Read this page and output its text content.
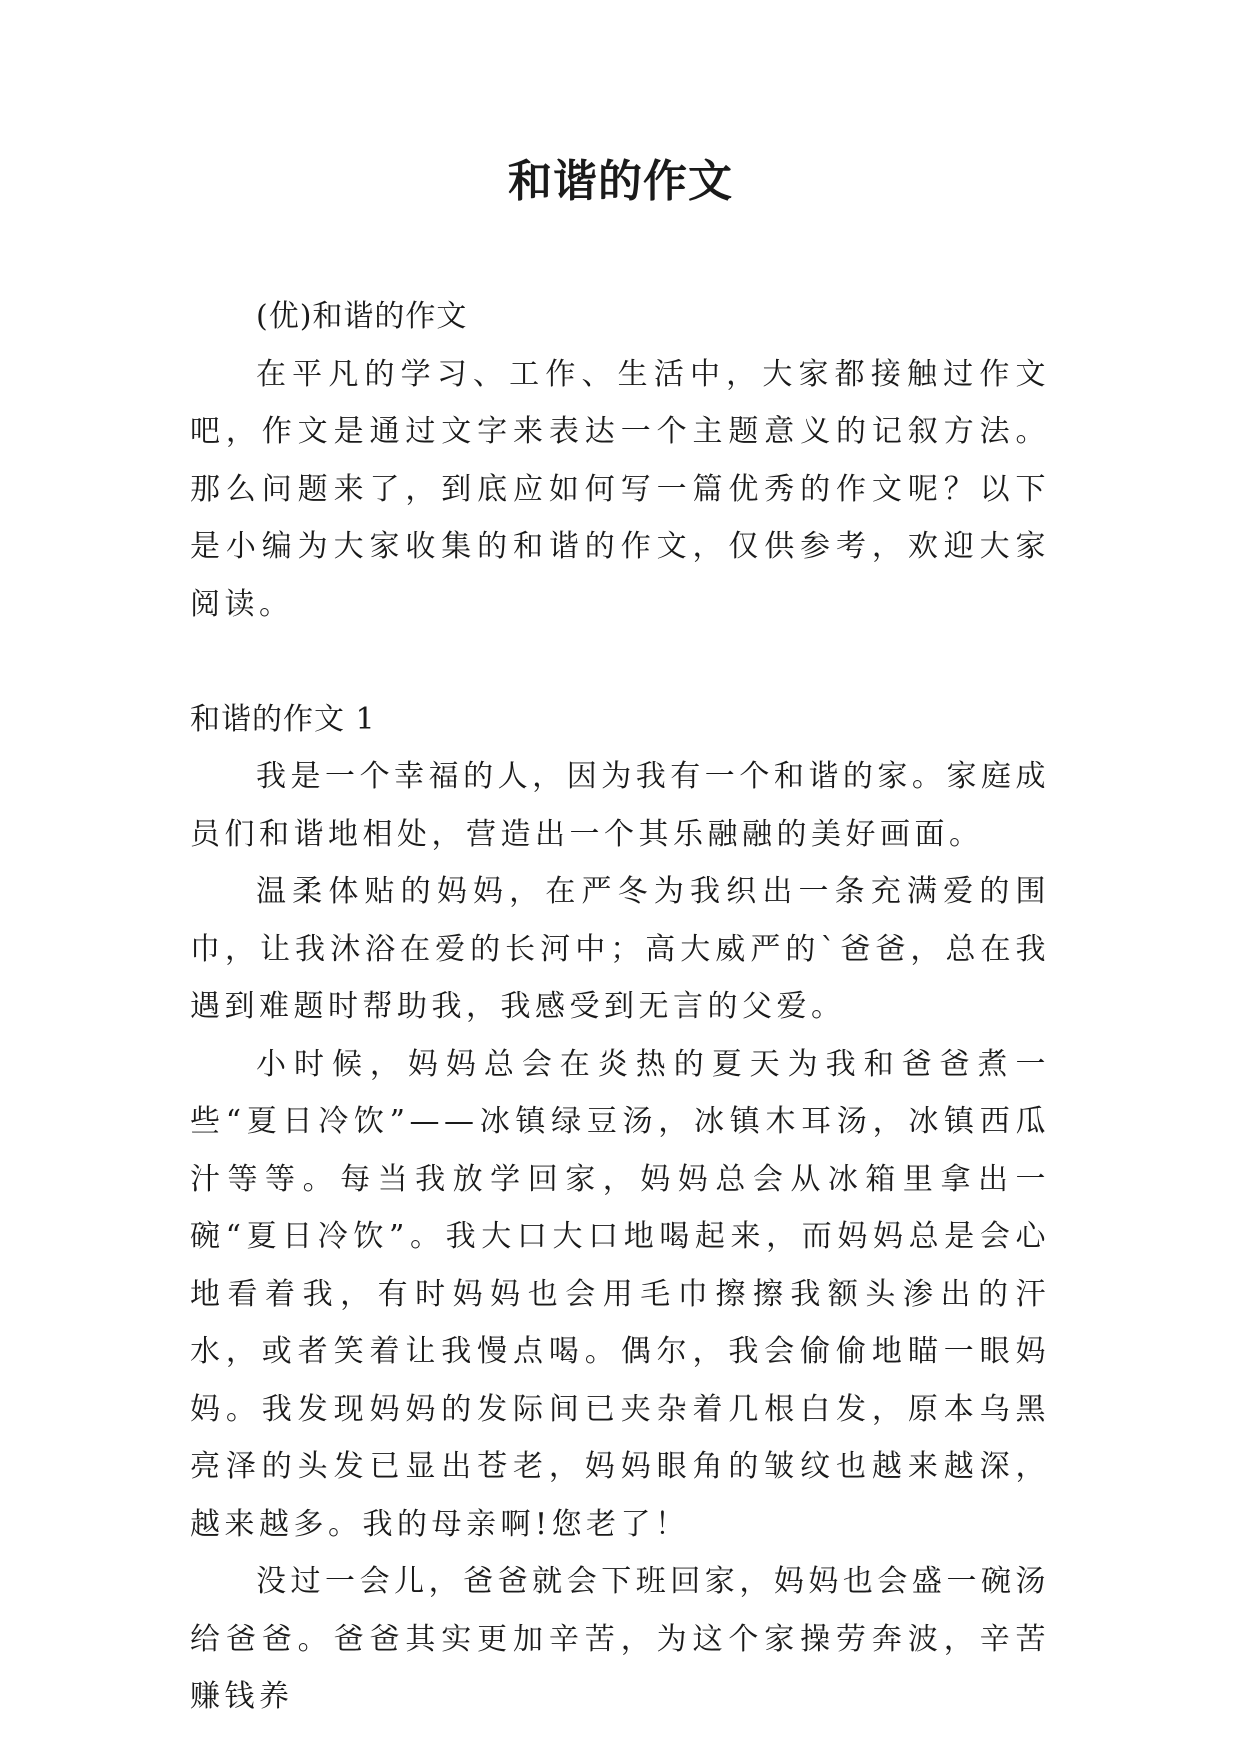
和谐的作文

(优)和谐的作文

在平凡的学习、工作、生活中，大家都接触过作文吧，作文是通过文字来表达一个主题意义的记叙方法。那么问题来了，到底应如何写一篇优秀的作文呢？以下是小编为大家收集的和谐的作文，仅供参考，欢迎大家阅读。

和谐的作文 1

我是一个幸福的人，因为我有一个和谐的家。家庭成员们和谐地相处，营造出一个其乐融融的美好画面。

温柔体贴的妈妈，在严冬为我织出一条充满爱的围巾，让我沐浴在爱的长河中；高大威严的`爸爸，总在我遇到难题时帮助我，我感受到无言的父爱。

小时候，妈妈总会在炎热的夏天为我和爸爸煮一些“夏日冷饮”——冰镇绿豆汤，冰镇木耳汤，冰镇西瓜汁等等。每当我放学回家，妈妈总会从冰箱里拿出一碗“夏日冷饮”。我大口大口地喝起来，而妈妈总是会心地看着我，有时妈妈也会用毛巾擦擦我额头渗出的汗水，或者笑着让我慢点喝。偶尔，我会偷偷地瞄一眼妈妈。我发现妈妈的发际间已夹杂着几根白发，原本乌黑亮泽的头发已显出苍老，妈妈眼角的皱纹也越来越深，越来越多。我的母亲啊!您老了！

没过一会儿，爸爸就会下班回家，妈妈也会盛一碗汤给爸爸。爸爸其实更加辛苦，为这个家操劳奔波，辛苦赚钱养
